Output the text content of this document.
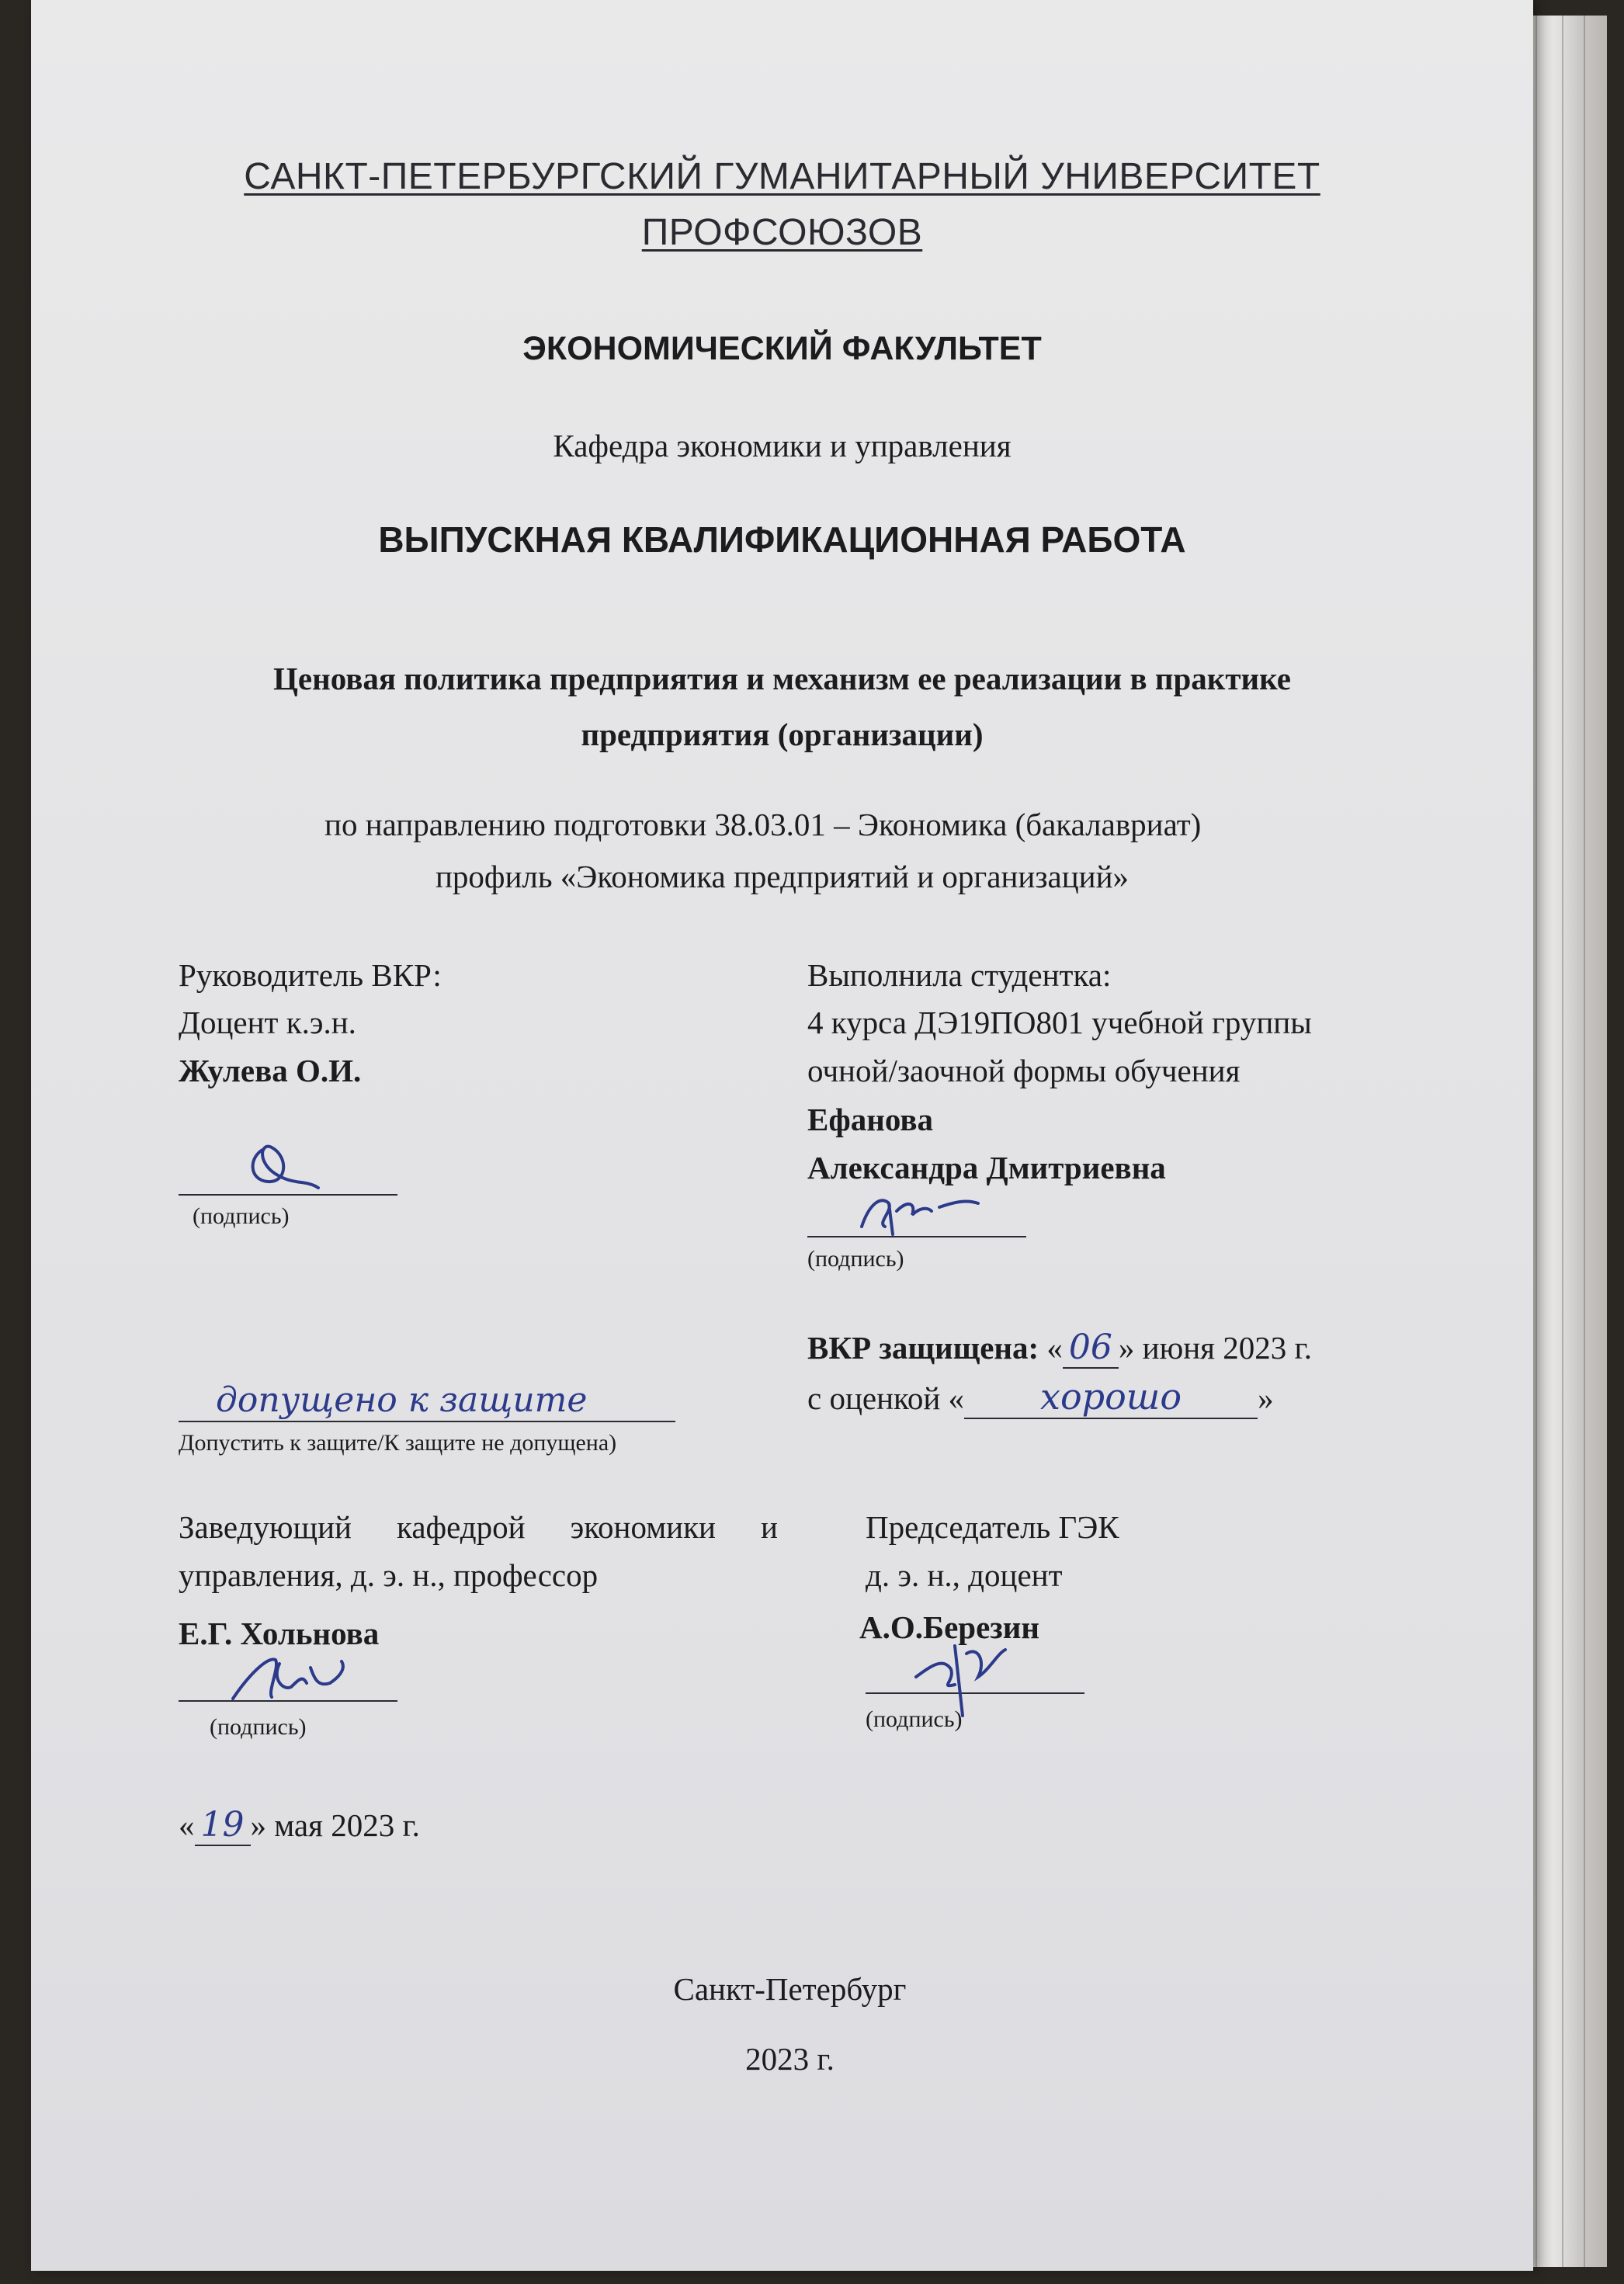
САНКТ-ПЕТЕРБУРГСКИЙ ГУМАНИТАРНЫЙ УНИВЕРСИТЕТ
ПРОФСОЮЗОВ
ЭКОНОМИЧЕСКИЙ ФАКУЛЬТЕТ
Кафедра экономики и управления
ВЫПУСКНАЯ КВАЛИФИКАЦИОННАЯ РАБОТА
Ценовая политика предприятия и механизм ее реализации в практике
предприятия (организации)
по направлению подготовки 38.03.01 – Экономика (бакалавриат)
профиль «Экономика предприятий и организаций»
Руководитель ВКР:
Доцент к.э.н.
Жулева О.И.
(подпись)
Выполнила студентка:
4 курса ДЭ19ПО801 учебной группы
очной/заочной формы обучения
Ефанова
Александра Дмитриевна
(подпись)
ВКР защищена: « 06 » июня 2023 г.
с оценкой « хорошо »
допущено к защите
Допустить к защите/К защите не допущена)
Заведующий кафедрой экономики и
управления, д. э. н., профессор
Е.Г. Хольнова
(подпись)
Председатель ГЭК
д. э. н., доцент
А.О.Березин
(подпись)
« 19 » мая 2023 г.
Санкт-Петербург
2023 г.
